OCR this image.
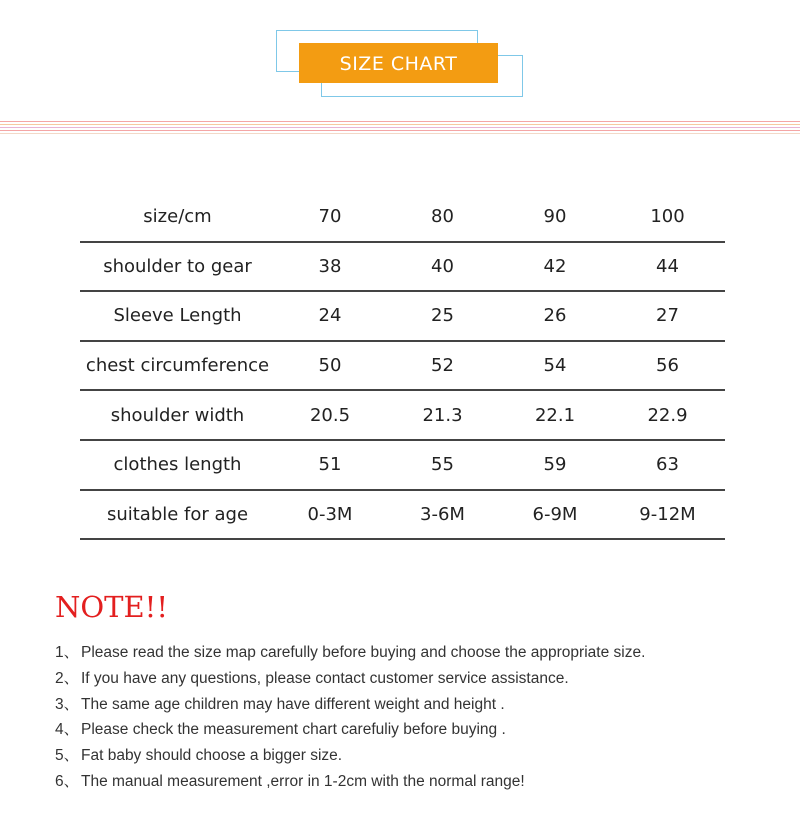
SIZE CHART
size/cm	70	80	90	100
shoulder to gear	38	40	42	44
Sleeve Length	24	25	26	27
chest circumference	50	52	54	56
shoulder width	20.5	21.3	22.1	22.9
clothes length	51	55	59	63
suitable for age	0-3M	3-6M	6-9M	9-12M
NOTE!!
1、 Please read the size map carefully before buying and choose the appropriate size.
2、 If you have any questions, please contact customer service assistance.
3、 The same age children may have different weight and height .
4、 Please check the measurement chart carefuliy before buying .
5、 Fat baby should choose a bigger size.
6、 The manual measurement ,error in 1-2cm with the normal range!
